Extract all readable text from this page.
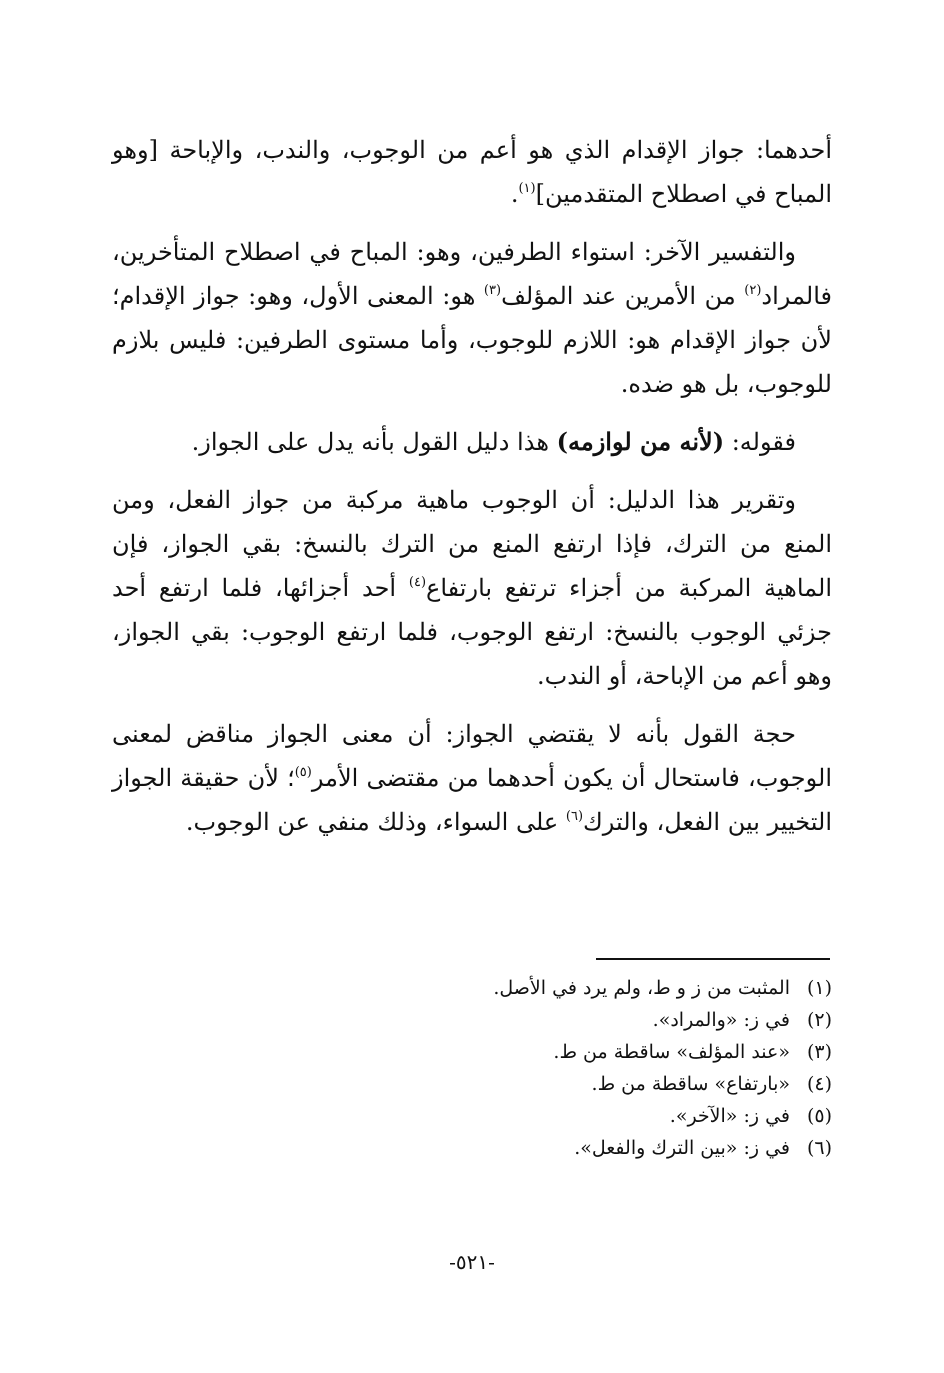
أحدهما: جواز الإقدام الذي هو أعم من الوجوب، والندب، والإباحة [وهو المباح في اصطلاح المتقدمين]$^{(١)}$.

والتفسير الآخر: استواء الطرفين، وهو: المباح في اصطلاح المتأخرين، فالمراد$^{(٢)}$ من الأمرين عند المؤلف$^{(٣)}$ هو: المعنى الأول، وهو: جواز الإقدام؛ لأن جواز الإقدام هو: اللازم للوجوب، وأما مستوى الطرفين: فليس بلازم للوجوب، بل هو ضده.

فقوله: (لأنه من لوازمه) هذا دليل القول بأنه يدل على الجواز.

وتقرير هذا الدليل: أن الوجوب ماهية مركبة من جواز الفعل، ومن المنع من الترك، فإذا ارتفع المنع من الترك بالنسخ: بقي الجواز، فإن الماهية المركبة من أجزاء ترتفع بارتفاع$^{(٤)}$ أحد أجزائها، فلما ارتفع أحد جزئي الوجوب بالنسخ: ارتفع الوجوب، فلما ارتفع الوجوب: بقي الجواز، وهو أعم من الإباحة، أو الندب.

حجة القول بأنه لا يقتضي الجواز: أن معنى الجواز مناقض لمعنى الوجوب، فاستحال أن يكون أحدهما من مقتضى الأمر$^{(٥)}$؛ لأن حقيقة الجواز التخيير بين الفعل، والترك$^{(٦)}$ على السواء، وذلك منفي عن الوجوب.

(١)المثبت من ز و ط، ولم يرد في الأصل.
(٢)في ز: «والمراد».
(٣)«عند المؤلف» ساقطة من ط.
(٤)«بارتفاع» ساقطة من ط.
(٥)في ز: «الآخر».
(٦)في ز: «بين الترك والفعل».
-٥٢١-
